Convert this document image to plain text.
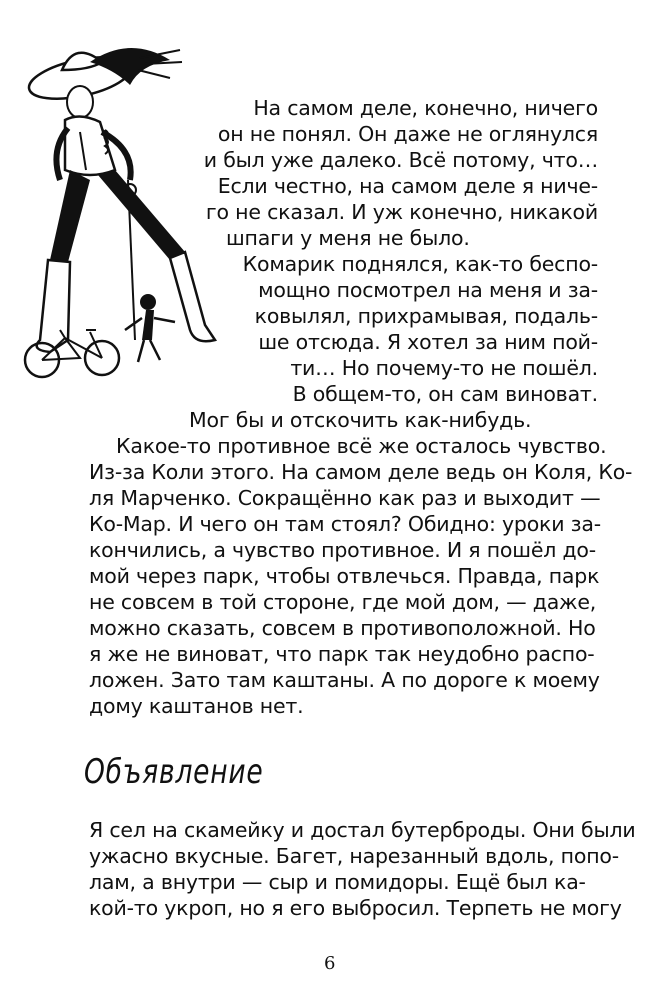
На самом деле, конечно, ничего
он не понял. Он даже не оглянулся
и был уже далеко. Всё потому, что…
Если честно, на самом деле я ниче-
го не сказал. И уж конечно, никакой
шпаги у меня не было.
Комарик поднялся, как-то беспо-
мощно посмотрел на меня и за-
ковылял, прихрамывая, подаль-
ше отсюда. Я хотел за ним пой-
ти… Но почему-то не пошёл.
В общем-то, он сам виноват.
Мог бы и отскочить как-нибудь.
Какое-то противное всё же осталось чувство.
Из-за Коли этого. На самом деле ведь он Коля, Ко-
ля Марченко. Сокращённо как раз и выходит —
Ко-Мар. И чего он там стоял? Обидно: уроки за-
кончились, а чувство противное. И я пошёл до-
мой через парк, чтобы отвлечься. Правда, парк
не совсем в той стороне, где мой дом, — даже,
можно сказать, совсем в противоположной. Но
я же не виноват, что парк так неудобно распо-
ложен. Зато там каштаны. А по дороге к моему
дому каштанов нет.
Объявление
Я сел на скамейку и достал бутерброды. Они были
ужасно вкусные. Багет, нарезанный вдоль, попо-
лам, а внутри — сыр и помидоры. Ещё был ка-
кой-то укроп, но я его выбросил. Терпеть не могу
6
